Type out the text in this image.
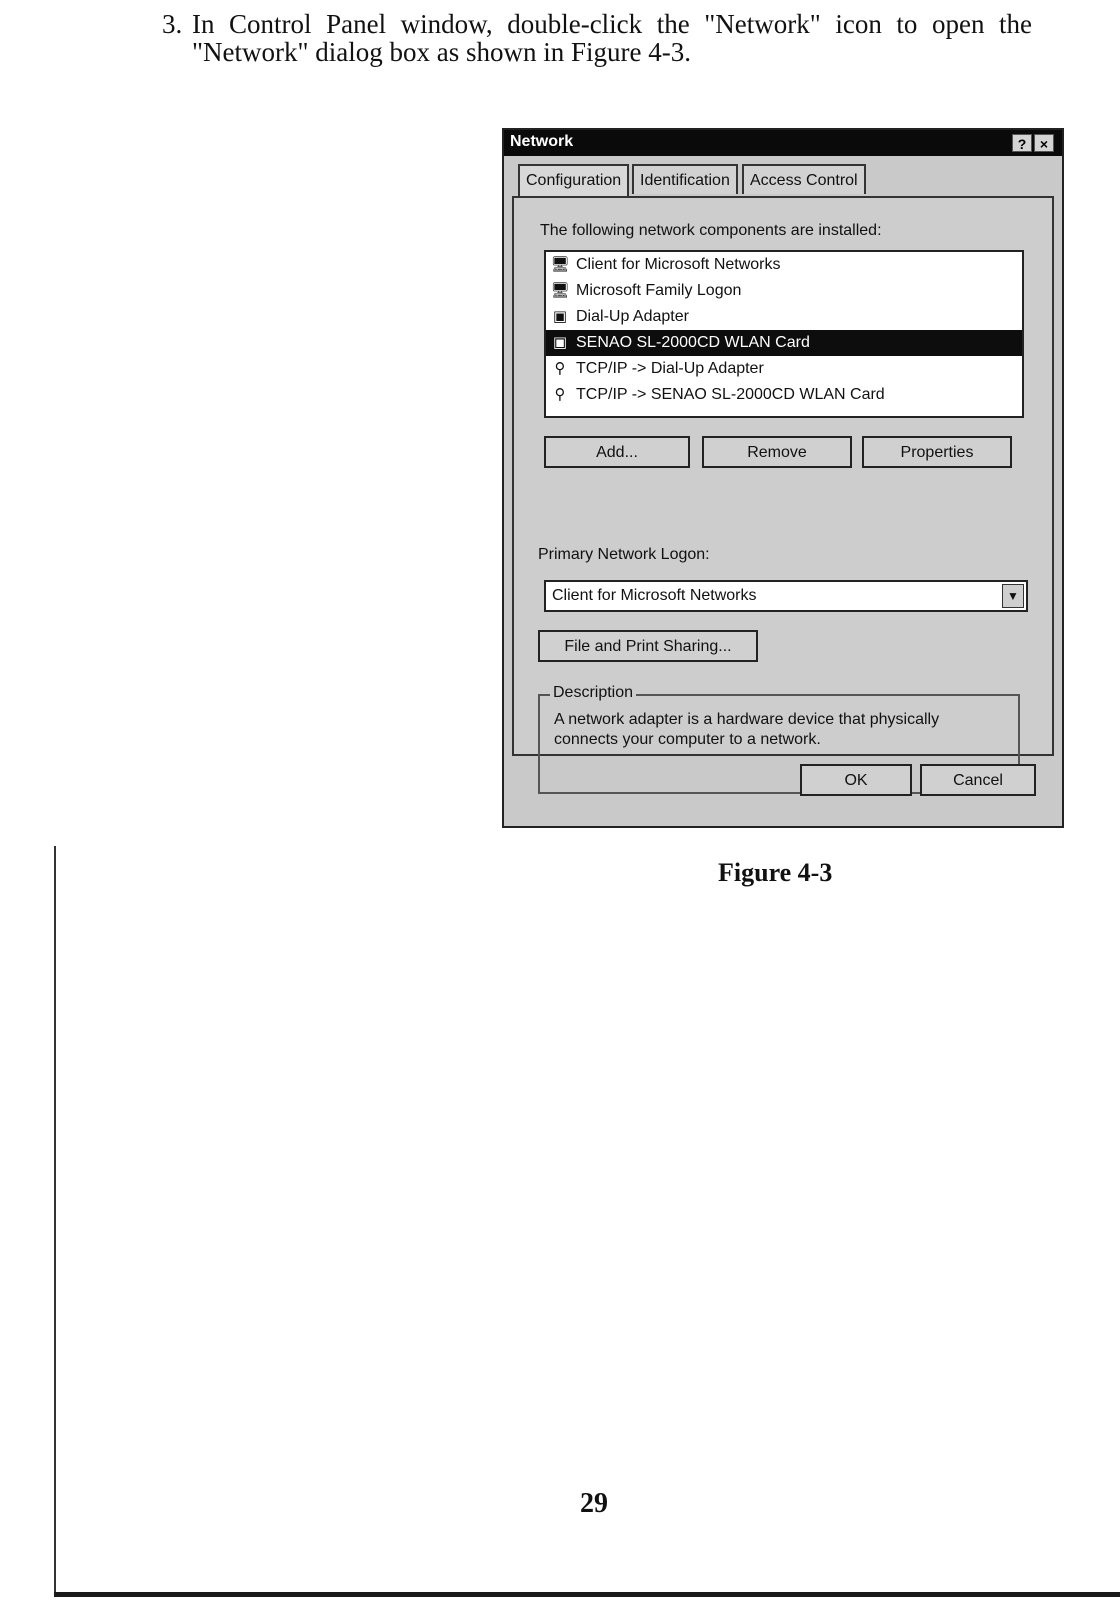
3. In Control Panel window, double-click the "Network" icon to open the "Network" dialog box as shown in Figure 4-3.
Network	? ×
Configuration	Identification	Access Control
The following network components are installed:
🖥 Client for Microsoft Networks
🖥 Microsoft Family Logon
▣ Dial-Up Adapter
▣ SENAO SL-2000CD WLAN Card
⚲ TCP/IP -> Dial-Up Adapter
⚲ TCP/IP -> SENAO SL-2000CD WLAN Card
Add...	Remove	Properties
Primary Network Logon:
Client for Microsoft Networks	▼
File and Print Sharing...
Description
A network adapter is a hardware device that physically connects your computer to a network.
OK	Cancel
Figure 4-3
29
